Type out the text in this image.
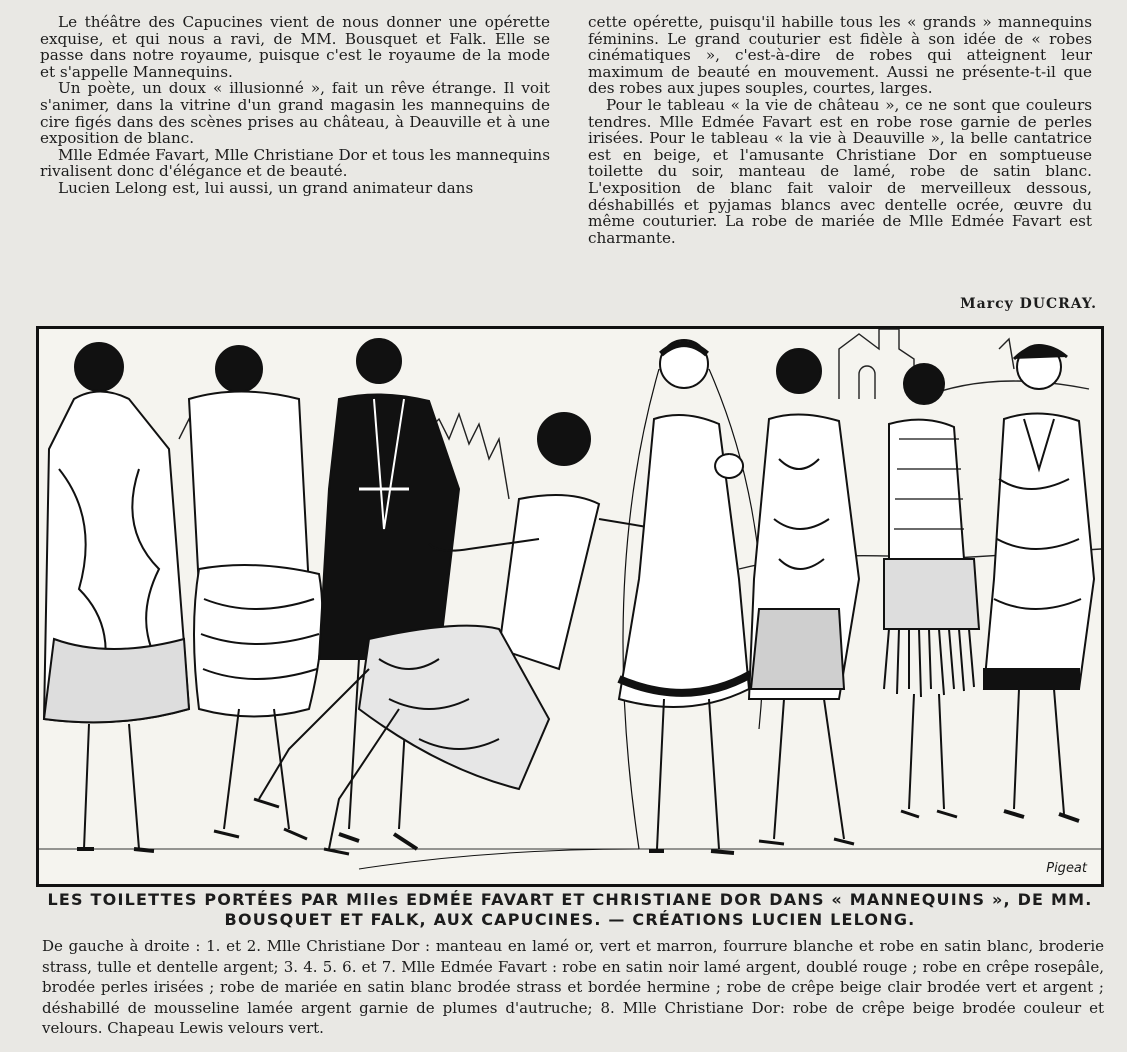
Le théâtre des Capucines vient de nous donner une opérette exquise, et qui nous a ravi, de MM. Bousquet et Falk. Elle se passe dans notre royaume, puisque c'est le royaume de la mode et s'appelle Mannequins.

Un poète, un doux « illusionné », fait un rêve étrange. Il voit s'animer, dans la vitrine d'un grand magasin les mannequins de cire figés dans des scènes prises au château, à Deauville et à une exposition de blanc.

Mlle Edmée Favart, Mlle Christiane Dor et tous les mannequins rivalisent donc d'élégance et de beauté.

Lucien Lelong est, lui aussi, un grand animateur dans

cette opérette, puisqu'il habille tous les « grands » mannequins féminins. Le grand couturier est fidèle à son idée de « robes cinématiques », c'est-à-dire de robes qui atteignent leur maximum de beauté en mouvement. Aussi ne présente-t-il que des robes aux jupes souples, courtes, larges.

Pour le tableau « la vie de château », ce ne sont que couleurs tendres. Mlle Edmée Favart est en robe rose garnie de perles irisées. Pour le tableau « la vie à Deauville », la belle cantatrice est en beige, et l'amusante Christiane Dor en somptueuse toilette du soir, manteau de lamé, robe de satin blanc. L'exposition de blanc fait valoir de merveilleux dessous, déshabillés et pyjamas blancs avec dentelle ocrée, œuvre du même couturier. La robe de mariée de Mlle Edmée Favart est charmante.

Marcy DUCRAY.
Pigeat
LES TOILETTES PORTÉES PAR Mlles EDMÉE FAVART ET CHRISTIANE DOR DANS « MANNEQUINS », DE MM. BOUSQUET ET FALK, AUX CAPUCINES. — CRÉATIONS LUCIEN LELONG.
De gauche à droite : 1. et 2. Mlle Christiane Dor : manteau en lamé or, vert et marron, fourrure blanche et robe en satin blanc, broderie strass, tulle et dentelle argent; 3. 4. 5. 6. et 7. Mlle Edmée Favart : robe en satin noir lamé argent, doublé rouge ; robe en crêpe rosepâle, brodée perles irisées ; robe de mariée en satin blanc brodée strass et bordée hermine ; robe de crêpe beige clair brodée vert et argent ; déshabillé de mousseline lamée argent garnie de plumes d'autruche; 8. Mlle Christiane Dor: robe de crêpe beige brodée couleur et velours. Chapeau Lewis velours vert.
